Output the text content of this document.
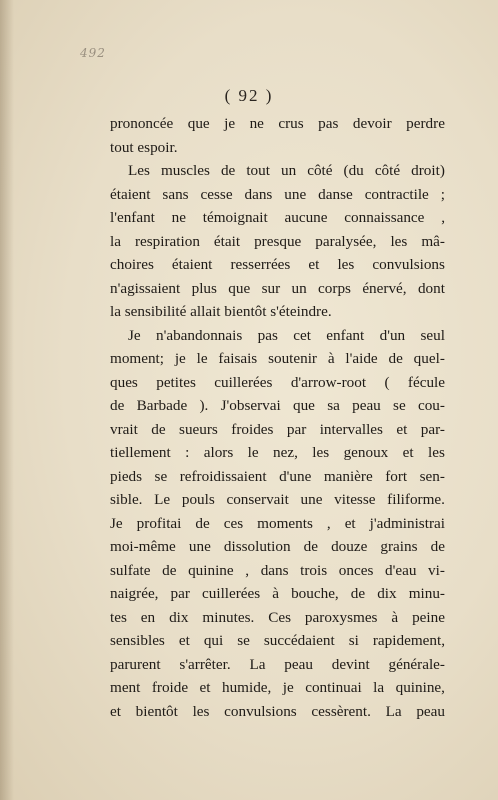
492
( 92 )
prononcée que je ne crus pas devoir perdre
tout espoir.
Les muscles de tout un côté (du côté droit)
étaient sans cesse dans une danse contractile ;
l'enfant ne témoignait aucune connaissance ,
la respiration était presque paralysée, les mâ-
choires étaient resserrées et les convulsions
n'agissaient plus que sur un corps énervé, dont
la sensibilité allait bientôt s'éteindre.
Je n'abandonnais pas cet enfant d'un seul
moment; je le faisais soutenir à l'aide de quel-
ques petites cuillerées d'arrow-root ( fécule
de Barbade ). J'observai que sa peau se cou-
vrait de sueurs froides par intervalles et par-
tiellement : alors le nez, les genoux et les
pieds se refroidissaient d'une manière fort sen-
sible. Le pouls conservait une vitesse filiforme.
Je profitai de ces moments , et j'administrai
moi-même une dissolution de douze grains de
sulfate de quinine , dans trois onces d'eau vi-
naigrée, par cuillerées à bouche, de dix minu-
tes en dix minutes. Ces paroxysmes à peine
sensibles et qui se succédaient si rapidement,
parurent s'arrêter. La peau devint générale-
ment froide et humide, je continuai la quinine,
et bientôt les convulsions cessèrent. La peau
